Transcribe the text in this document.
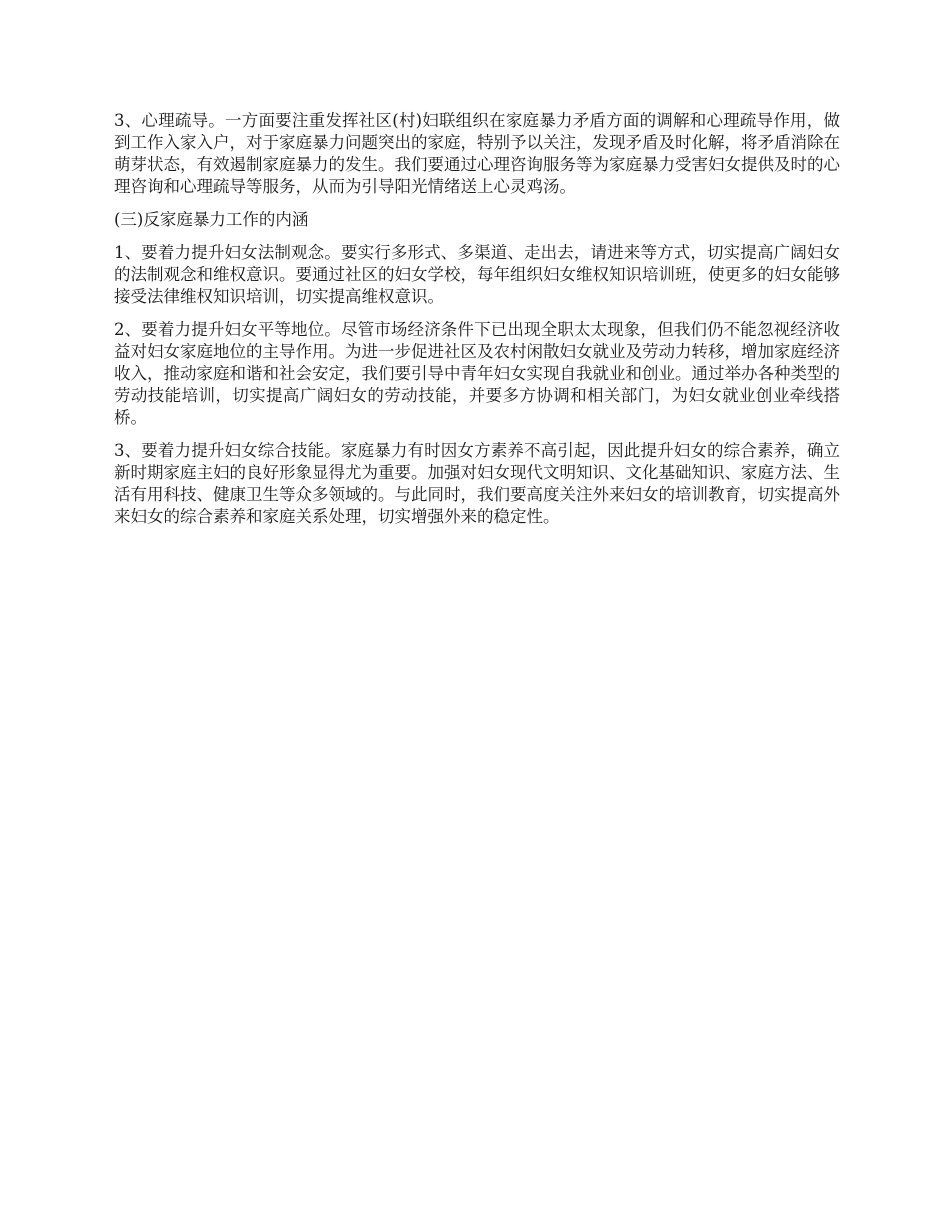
3、心理疏导。一方面要注重发挥社区(村)妇联组织在家庭暴力矛盾方面的调解和心理疏导作用，做到工作入家入户，对于家庭暴力问题突出的家庭，特别予以关注，发现矛盾及时化解，将矛盾消除在萌芽状态，有效遏制家庭暴力的发生。我们要通过心理咨询服务等为家庭暴力受害妇女提供及时的心理咨询和心理疏导等服务，从而为引导阳光情绪送上心灵鸡汤。

(三)反家庭暴力工作的内涵

1、要着力提升妇女法制观念。要实行多形式、多渠道、走出去，请进来等方式，切实提高广阔妇女的法制观念和维权意识。要通过社区的妇女学校，每年组织妇女维权知识培训班，使更多的妇女能够接受法律维权知识培训，切实提高维权意识。

2、要着力提升妇女平等地位。尽管市场经济条件下已出现全职太太现象，但我们仍不能忽视经济收益对妇女家庭地位的主导作用。为进一步促进社区及农村闲散妇女就业及劳动力转移，增加家庭经济收入，推动家庭和谐和社会安定，我们要引导中青年妇女实现自我就业和创业。通过举办各种类型的劳动技能培训，切实提高广阔妇女的劳动技能，并要多方协调和相关部门，为妇女就业创业牵线搭桥。

3、要着力提升妇女综合技能。家庭暴力有时因女方素养不高引起，因此提升妇女的综合素养，确立新时期家庭主妇的良好形象显得尤为重要。加强对妇女现代文明知识、文化基础知识、家庭方法、生活有用科技、健康卫生等众多领域的。与此同时，我们要高度关注外来妇女的培训教育，切实提高外来妇女的综合素养和家庭关系处理，切实增强外来的稳定性。
